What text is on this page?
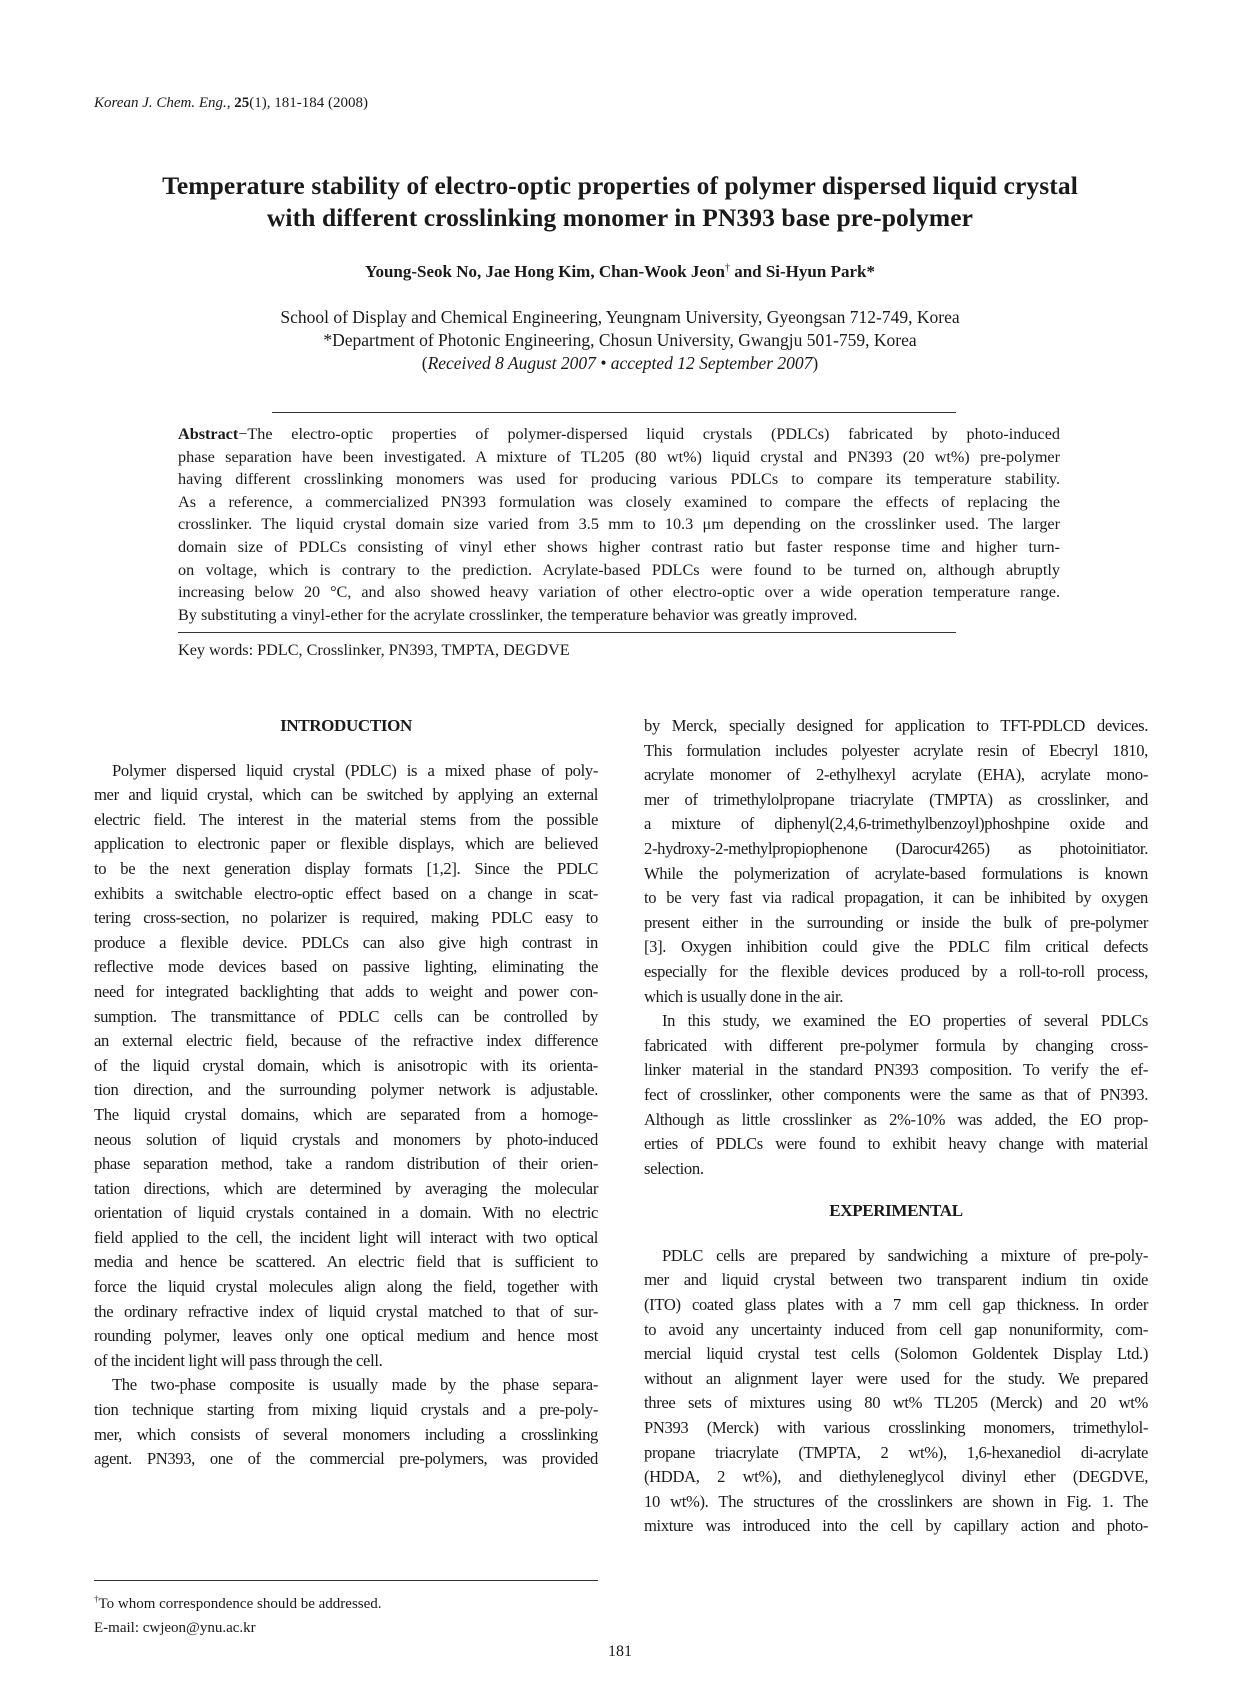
Korean J. Chem. Eng., 25(1), 181-184 (2008)
Temperature stability of electro-optic properties of polymer dispersed liquid crystal
with different crosslinking monomer in PN393 base pre-polymer
Young-Seok No, Jae Hong Kim, Chan-Wook Jeon† and Si-Hyun Park*
School of Display and Chemical Engineering, Yeungnam University, Gyeongsan 712-749, Korea
*Department of Photonic Engineering, Chosun University, Gwangju 501-759, Korea
(Received 8 August 2007 • accepted 12 September 2007)
Abstract−The electro-optic properties of polymer-dispersed liquid crystals (PDLCs) fabricated by photo-induced
phase separation have been investigated. A mixture of TL205 (80 wt%) liquid crystal and PN393 (20 wt%) pre-polymer
having different crosslinking monomers was used for producing various PDLCs to compare its temperature stability.
As a reference, a commercialized PN393 formulation was closely examined to compare the effects of replacing the
crosslinker. The liquid crystal domain size varied from 3.5 mm to 10.3 μm depending on the crosslinker used. The larger
domain size of PDLCs consisting of vinyl ether shows higher contrast ratio but faster response time and higher turn-
on voltage, which is contrary to the prediction. Acrylate-based PDLCs were found to be turned on, although abruptly
increasing below 20 °C, and also showed heavy variation of other electro-optic over a wide operation temperature range.
By substituting a vinyl-ether for the acrylate crosslinker, the temperature behavior was greatly improved.
Key words: PDLC, Crosslinker, PN393, TMPTA, DEGDVE
INTRODUCTION
Polymer dispersed liquid crystal (PDLC) is a mixed phase of poly-
mer and liquid crystal, which can be switched by applying an external
electric field. The interest in the material stems from the possible
application to electronic paper or flexible displays, which are believed
to be the next generation display formats [1,2]. Since the PDLC
exhibits a switchable electro-optic effect based on a change in scat-
tering cross-section, no polarizer is required, making PDLC easy to
produce a flexible device. PDLCs can also give high contrast in
reflective mode devices based on passive lighting, eliminating the
need for integrated backlighting that adds to weight and power con-
sumption. The transmittance of PDLC cells can be controlled by
an external electric field, because of the refractive index difference
of the liquid crystal domain, which is anisotropic with its orienta-
tion direction, and the surrounding polymer network is adjustable.
The liquid crystal domains, which are separated from a homoge-
neous solution of liquid crystals and monomers by photo-induced
phase separation method, take a random distribution of their orien-
tation directions, which are determined by averaging the molecular
orientation of liquid crystals contained in a domain. With no electric
field applied to the cell, the incident light will interact with two optical
media and hence be scattered. An electric field that is sufficient to
force the liquid crystal molecules align along the field, together with
the ordinary refractive index of liquid crystal matched to that of sur-
rounding polymer, leaves only one optical medium and hence most
of the incident light will pass through the cell.
The two-phase composite is usually made by the phase separa-
tion technique starting from mixing liquid crystals and a pre-poly-
mer, which consists of several monomers including a crosslinking
agent. PN393, one of the commercial pre-polymers, was provided
by Merck, specially designed for application to TFT-PDLCD devices.
This formulation includes polyester acrylate resin of Ebecryl 1810,
acrylate monomer of 2-ethylhexyl acrylate (EHA), acrylate mono-
mer of trimethylolpropane triacrylate (TMPTA) as crosslinker, and
a mixture of diphenyl(2,4,6-trimethylbenzoyl)phoshpine oxide and
2-hydroxy-2-methylpropiophenone (Darocur4265) as photoinitiator.
While the polymerization of acrylate-based formulations is known
to be very fast via radical propagation, it can be inhibited by oxygen
present either in the surrounding or inside the bulk of pre-polymer
[3]. Oxygen inhibition could give the PDLC film critical defects
especially for the flexible devices produced by a roll-to-roll process,
which is usually done in the air.
In this study, we examined the EO properties of several PDLCs
fabricated with different pre-polymer formula by changing cross-
linker material in the standard PN393 composition. To verify the ef-
fect of crosslinker, other components were the same as that of PN393.
Although as little crosslinker as 2%-10% was added, the EO prop-
erties of PDLCs were found to exhibit heavy change with material
selection.
EXPERIMENTAL
PDLC cells are prepared by sandwiching a mixture of pre-poly-
mer and liquid crystal between two transparent indium tin oxide
(ITO) coated glass plates with a 7 mm cell gap thickness. In order
to avoid any uncertainty induced from cell gap nonuniformity, com-
mercial liquid crystal test cells (Solomon Goldentek Display Ltd.)
without an alignment layer were used for the study. We prepared
three sets of mixtures using 80 wt% TL205 (Merck) and 20 wt%
PN393 (Merck) with various crosslinking monomers, trimethylol-
propane triacrylate (TMPTA, 2 wt%), 1,6-hexanediol di-acrylate
(HDDA, 2 wt%), and diethyleneglycol divinyl ether (DEGDVE,
10 wt%). The structures of the crosslinkers are shown in Fig. 1. The
mixture was introduced into the cell by capillary action and photo-
†To whom correspondence should be addressed.
E-mail: cwjeon@ynu.ac.kr
181
